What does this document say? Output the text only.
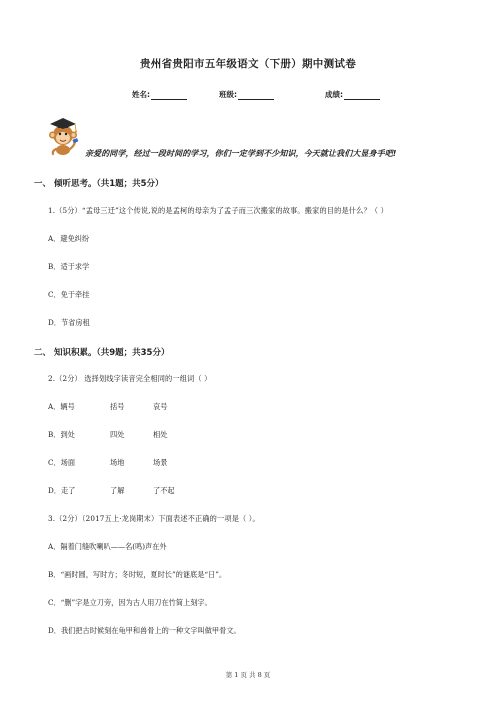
贵州省贵阳市五年级语文（下册）期中测试卷
姓名:	班级:	成绩:
亲爱的同学，经过一段时间的学习，你们一定学到不少知识，今天就让我们大显身手吧!
一、 倾听思考。（共1题；共5分）
1.（5分）“孟母三迁”这个传说,说的是孟柯的母亲为了孟子而三次搬家的故事。搬家的目的是什么？（ ）
A．避免纠纷
B．适于求学
C．免于牵挂
D．节省房租
二、 知识积累。（共9题；共35分）
2.（2分） 选择划线字读音完全相同的一组词（ ）
A．辆号	括号	哀号
B．到处	四处	相处
C．场面	场地	场景
D．走了	了解	了不起
3.（2分）（2017五上·龙岗期末）下面表述不正确的一项是（ ）。
A．隔着门缝吹喇叭——名(鸣)声在外
B．“画时圆，写时方；冬时短，夏时长”的谜底是“日”。
C．“删”字是立刀旁，因为古人用刀在竹简上刻字。
D．我们把古时候刻在龟甲和兽骨上的一种文字叫做甲骨文。
第 1 页 共 8 页
